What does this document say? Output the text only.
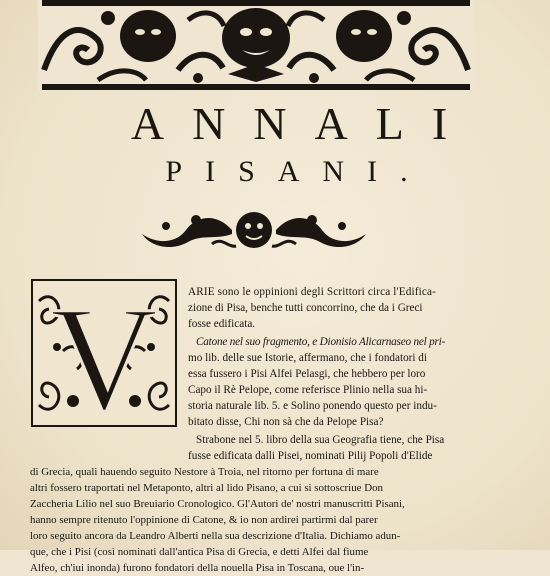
ANNALI
PISANI.
V	ARIE sono le oppinioni degli Scrittori circa l'Edifica-
zione di Pisa, benche tutti concorrino, che da i Greci
fosse edificata.
Catone nel suo fragmento, e Dionisio Alicarnaseo nel pri-
mo lib. delle sue Istorie, affermano, che i fondatori di
essa fussero i Pisi Alfei Pelasgi, che hebbero per loro
Capo il Rè Pelope, come referisce Plinio nella sua hi-
storia naturale lib. 5. e Solino ponendo questo per indu-
bitato disse, Chi non sà che da Pelope Pisa?
Strabone nel 5. libro della sua Geografia tiene, che Pisa
fusse edificata dalli Pisei, nominati Pilij Popoli d'Elide
di Grecia, quali hauendo seguito Nestore à Troia, nel ritorno per fortuna di mare
altri fossero traportati nel Metaponto, altri al lido Pisano, a cui si sottoscriue Don
Zaccheria Lilio nel suo Breuiario Cronologico. Gl'Autori de' nostri manuscritti Pisani,
hanno sempre ritenuto l'oppinione di Catone, & io non ardirei partirmi dal parer
loro seguito ancora da Leandro Alberti nella sua descrizione d'Italia. Dichiamo adun-
que, che i Pisi (così nominati dall'antica Pisa di Grecia, e detti Alfei dal fiume
Alfeo, ch'iui inonda) furono fondatori della nouella Pisa in Toscana, oue l'in-
